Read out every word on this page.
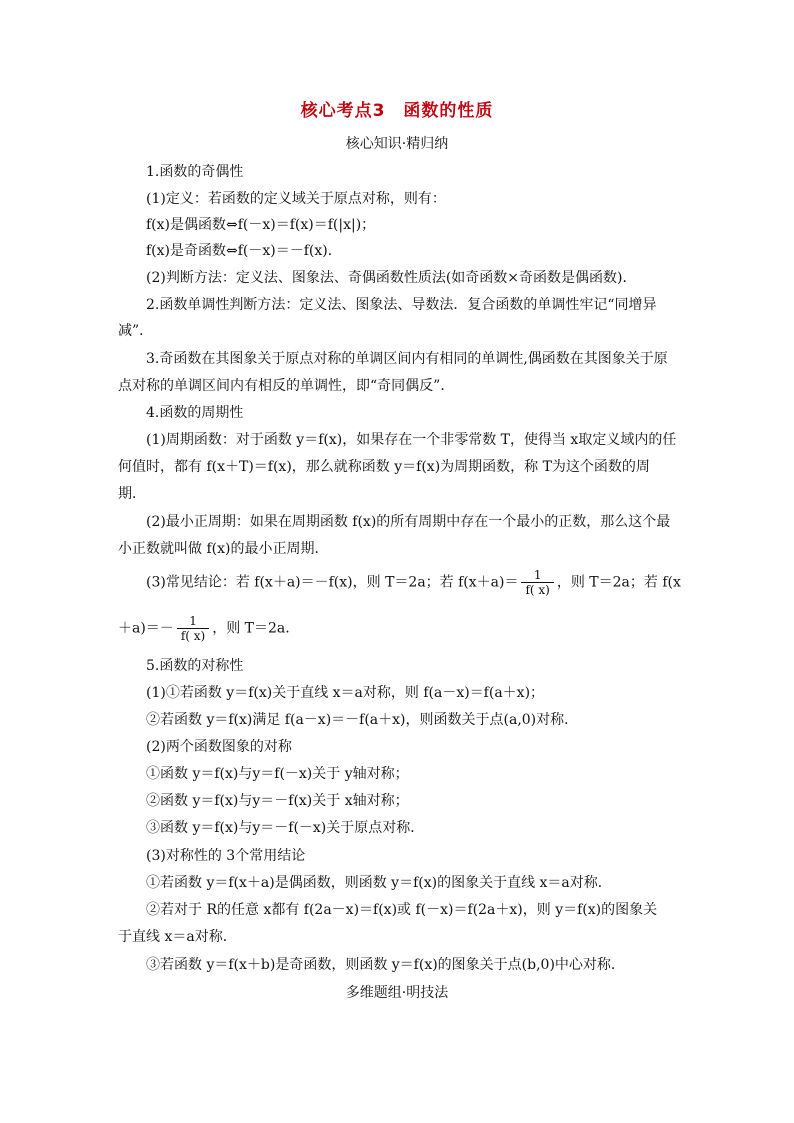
核心考点3　函数的性质
核心知识·精归纳
1.函数的奇偶性
(1)定义：若函数的定义域关于原点对称，则有：
f(x)是偶函数⇔f(－x)＝f(x)＝f(|x|)；
f(x)是奇函数⇔f(－x)＝－f(x)．
(2)判断方法：定义法、图象法、奇偶函数性质法(如奇函数×奇函数是偶函数)．
2.函数单调性判断方法：定义法、图象法、导数法．复合函数的单调性牢记“同增异
减”．
3.奇函数在其图象关于原点对称的单调区间内有相同的单调性,偶函数在其图象关于原
点对称的单调区间内有相反的单调性，即“奇同偶反”．
4.函数的周期性
(1)周期函数：对于函数 y＝f(x)，如果存在一个非零常数 T，使得当 x取定义域内的任
何值时，都有 f(x＋T)＝f(x)，那么就称函数 y＝f(x)为周期函数，称 T为这个函数的周
期．
(2)最小正周期：如果在周期函数 f(x)的所有周期中存在一个最小的正数，那么这个最
小正数就叫做 f(x)的最小正周期．
(3)常见结论：若 f(x＋a)＝－f(x)，则 T＝2a；若 $f(x+a)= \frac{1}{f( x)}$ ，则 T＝2a；若 f(x
$+a)=- \frac{1}{f( x)}$ ，则 T＝2a.
5.函数的对称性
(1)①若函数 y＝f(x)关于直线 x＝a对称，则 f(a－x)＝f(a＋x)；
②若函数 y＝f(x)满足 f(a－x)＝－f(a＋x)，则函数关于点(a,0)对称．
(2)两个函数图象的对称
①函数 y＝f(x)与y＝f(－x)关于 y轴对称；
②函数 y＝f(x)与y＝－f(x)关于 x轴对称；
③函数 y＝f(x)与y＝－f(－x)关于原点对称．
(3)对称性的 3个常用结论
①若函数 y＝f(x＋a)是偶函数，则函数 y＝f(x)的图象关于直线 x＝a对称．
②若对于 R的任意 x都有 f(2a－x)＝f(x)或 f(－x)＝f(2a＋x)，则 y＝f(x)的图象关
于直线 x＝a对称．
③若函数 y＝f(x＋b)是奇函数，则函数 y＝f(x)的图象关于点(b,0)中心对称．
多维题组·明技法
